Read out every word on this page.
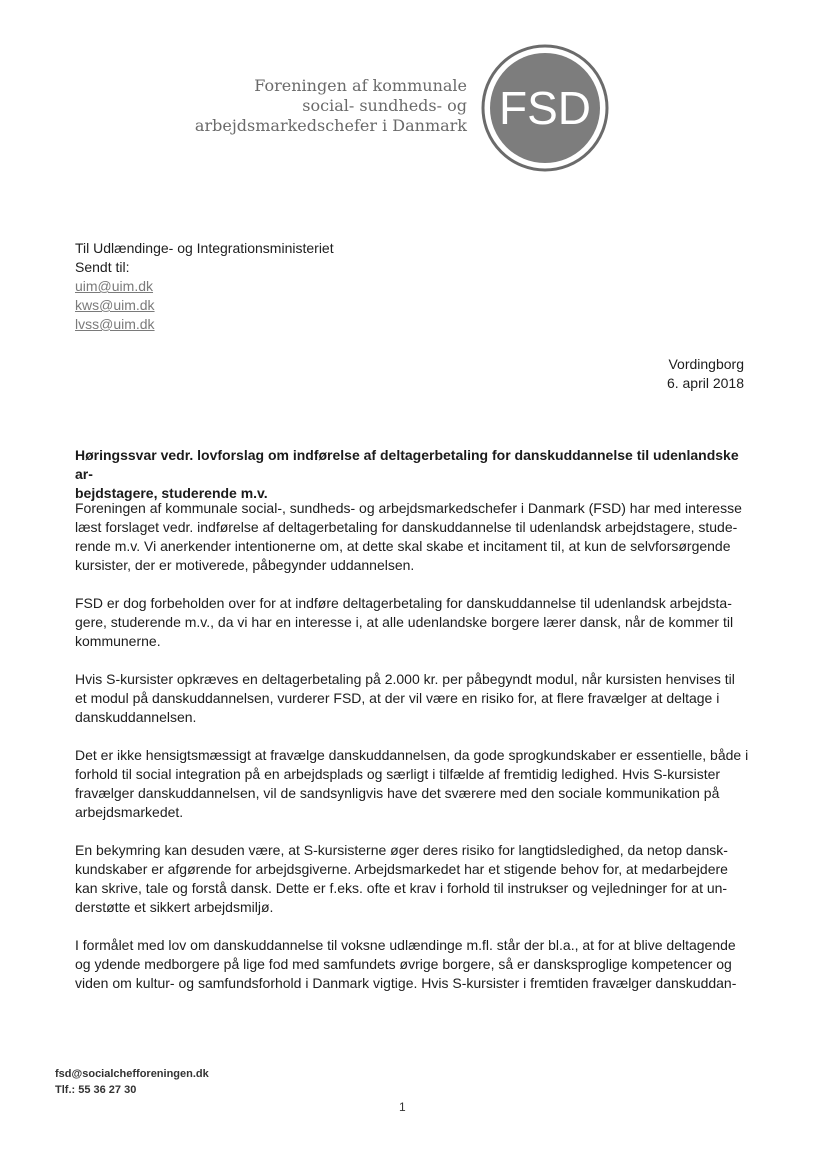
Foreningen af kommunale
social- sundheds- og
arbejdsmarkedschefer i Danmark FSD
Til Udlændinge- og Integrationsministeriet
Sendt til:
uim@uim.dk
kws@uim.dk
lvss@uim.dk
Vordingborg
6. april 2018
Høringssvar vedr. lovforslag om indførelse af deltagerbetaling for danskuddannelse til udenlandske ar-
bejdstagere, studerende m.v.
Foreningen af kommunale social-, sundheds- og arbejdsmarkedschefer i Danmark (FSD) har med interesse
læst forslaget vedr. indførelse af deltagerbetaling for danskuddannelse til udenlandsk arbejdstagere, stude-
rende m.v. Vi anerkender intentionerne om, at dette skal skabe et incitament til, at kun de selvforsørgende
kursister, der er motiverede, påbegynder uddannelsen.
FSD er dog forbeholden over for at indføre deltagerbetaling for danskuddannelse til udenlandsk arbejdsta-
gere, studerende m.v., da vi har en interesse i, at alle udenlandske borgere lærer dansk, når de kommer til
kommunerne.
Hvis S-kursister opkræves en deltagerbetaling på 2.000 kr. per påbegyndt modul, når kursisten henvises til
et modul på danskuddannelsen, vurderer FSD, at der vil være en risiko for, at flere fravælger at deltage i
danskuddannelsen.
Det er ikke hensigtsmæssigt at fravælge danskuddannelsen, da gode sprogkundskaber er essentielle, både i
forhold til social integration på en arbejdsplads og særligt i tilfælde af fremtidig ledighed. Hvis S-kursister
fravælger danskuddannelsen, vil de sandsynligvis have det sværere med den sociale kommunikation på
arbejdsmarkedet.
En bekymring kan desuden være, at S-kursisterne øger deres risiko for langtidsledighed, da netop dansk-
kundskaber er afgørende for arbejdsgiverne. Arbejdsmarkedet har et stigende behov for, at medarbejdere
kan skrive, tale og forstå dansk. Dette er f.eks. ofte et krav i forhold til instrukser og vejledninger for at un-
derstøtte et sikkert arbejdsmiljø.
I formålet med lov om danskuddannelse til voksne udlændinge m.fl. står der bl.a., at for at blive deltagende
og ydende medborgere på lige fod med samfundets øvrige borgere, så er dansksproglige kompetencer og
viden om kultur- og samfundsforhold i Danmark vigtige. Hvis S-kursister i fremtiden fravælger danskuddan-
fsd@socialchefforeningen.dk
Tlf.: 55 36 27 30
1
